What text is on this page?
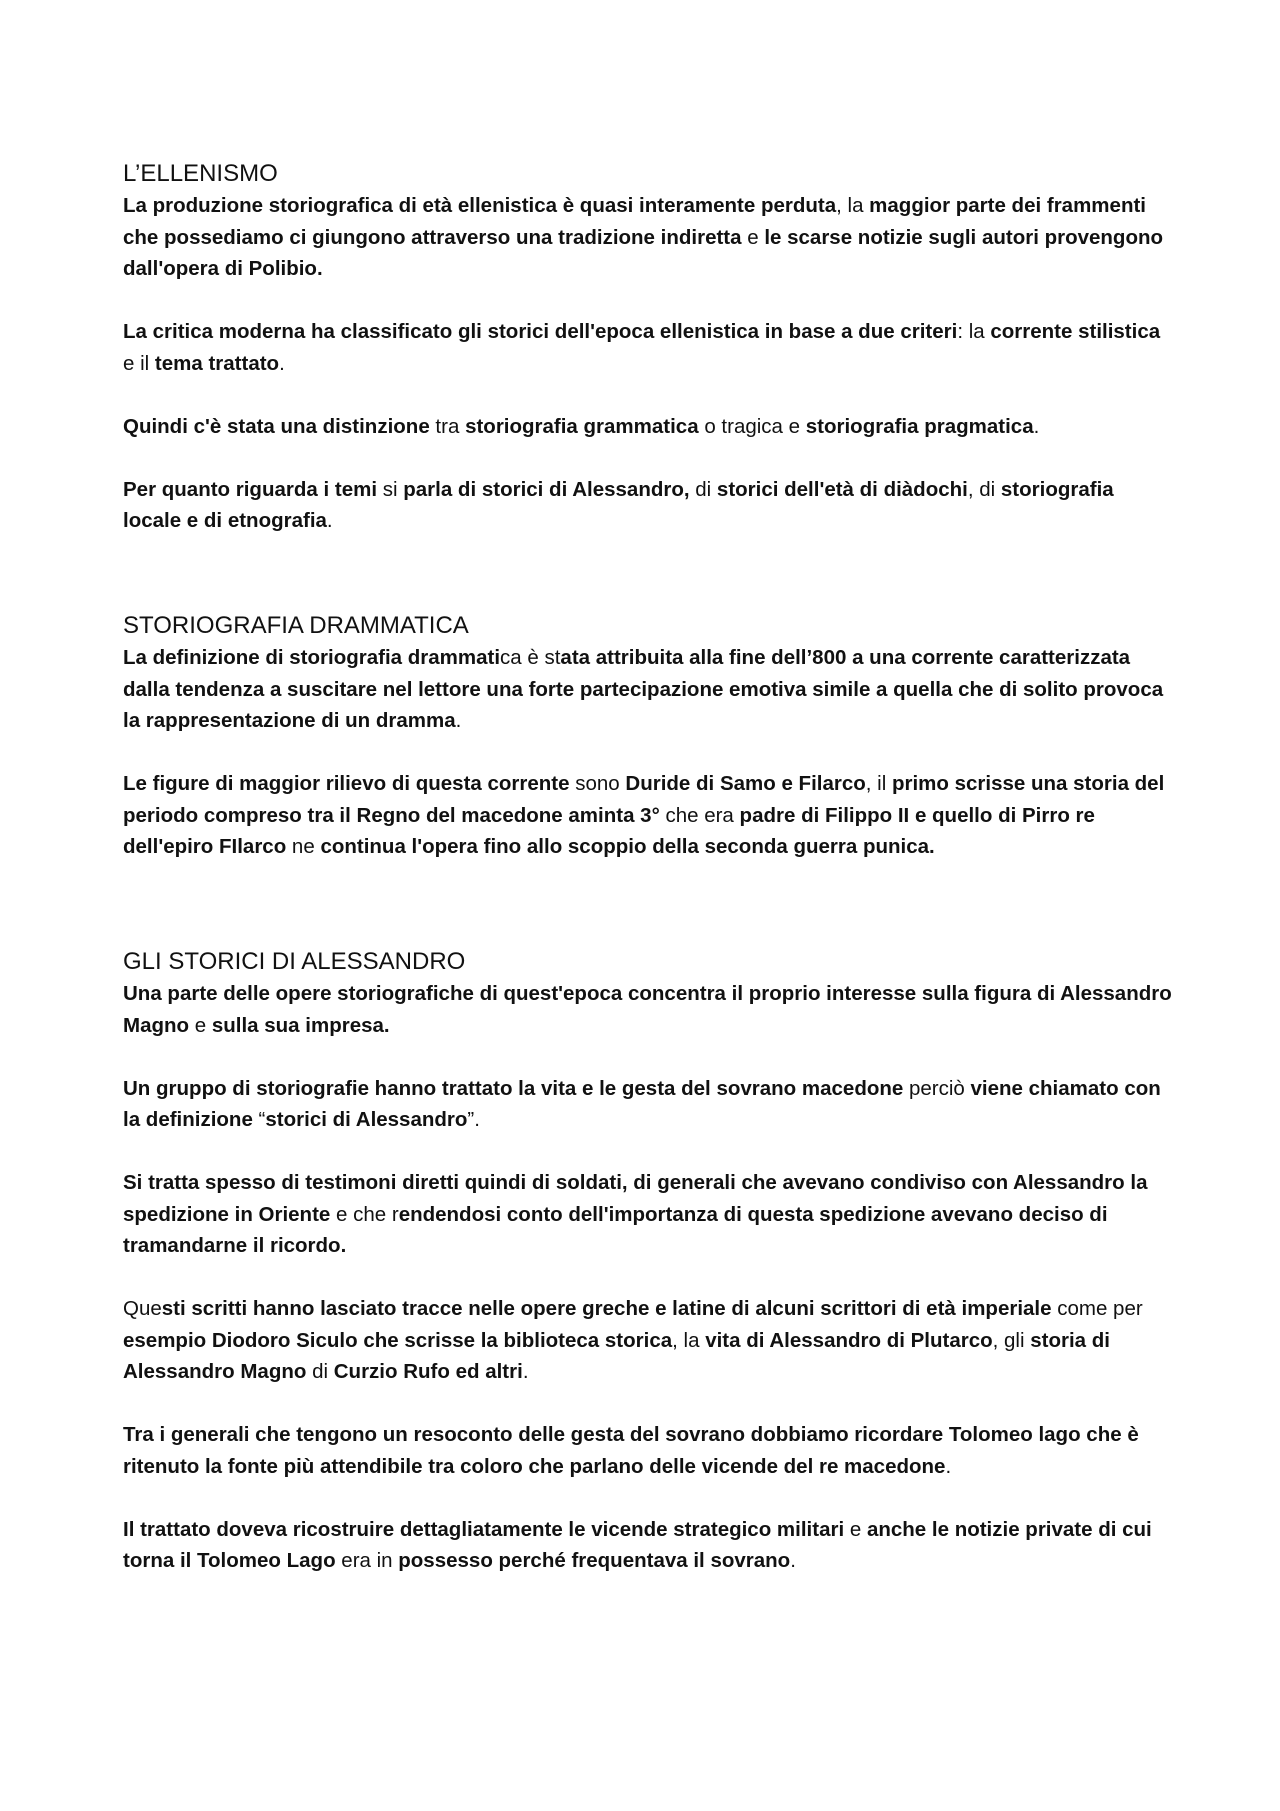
L’ELLENISMO

La produzione storiografica di età ellenistica è quasi interamente perduta, la maggior parte dei frammenti che possediamo ci giungono attraverso una tradizione indiretta e le scarse notizie sugli autori provengono dall'opera di Polibio.

La critica moderna ha classificato gli storici dell'epoca ellenistica in base a due criteri: la corrente stilistica e il tema trattato.

Quindi c'è stata una distinzione tra storiografia grammatica o tragica e storiografia pragmatica.

Per quanto riguarda i temi si parla di storici di Alessandro, di storici dell'età di diàdochi, di storiografia locale e di etnografia.

STORIOGRAFIA DRAMMATICA

La definizione di storiografia drammatica è stata attribuita alla fine dell’800 a una corrente caratterizzata dalla tendenza a suscitare nel lettore una forte partecipazione emotiva simile a quella che di solito provoca la rappresentazione di un dramma.

Le figure di maggior rilievo di questa corrente sono Duride di Samo e Filarco, il primo scrisse una storia del periodo compreso tra il Regno del macedone aminta 3° che era padre di Filippo II e quello di Pirro re dell'epiro FIlarco ne continua l'opera fino allo scoppio della seconda guerra punica.

GLI STORICI DI ALESSANDRO

Una parte delle opere storiografiche di quest'epoca concentra il proprio interesse sulla figura di Alessandro Magno e sulla sua impresa.

Un gruppo di storiografie hanno trattato la vita e le gesta del sovrano macedone perciò viene chiamato con la definizione “storici di Alessandro”.

Si tratta spesso di testimoni diretti quindi di soldati, di generali che avevano condiviso con Alessandro la spedizione in Oriente e che rendendosi conto dell'importanza di questa spedizione avevano deciso di tramandarne il ricordo.

Questi scritti hanno lasciato tracce nelle opere greche e latine di alcuni scrittori di età imperiale come per esempio Diodoro Siculo che scrisse la biblioteca storica, la vita di Alessandro di Plutarco, gli storia di Alessandro Magno di Curzio Rufo ed altri.

Tra i generali che tengono un resoconto delle gesta del sovrano dobbiamo ricordare Tolomeo lago che è ritenuto la fonte più attendibile tra coloro che parlano delle vicende del re macedone.

Il trattato doveva ricostruire dettagliatamente le vicende strategico militari e anche le notizie private di cui torna il Tolomeo Lago era in possesso perché frequentava il sovrano.
